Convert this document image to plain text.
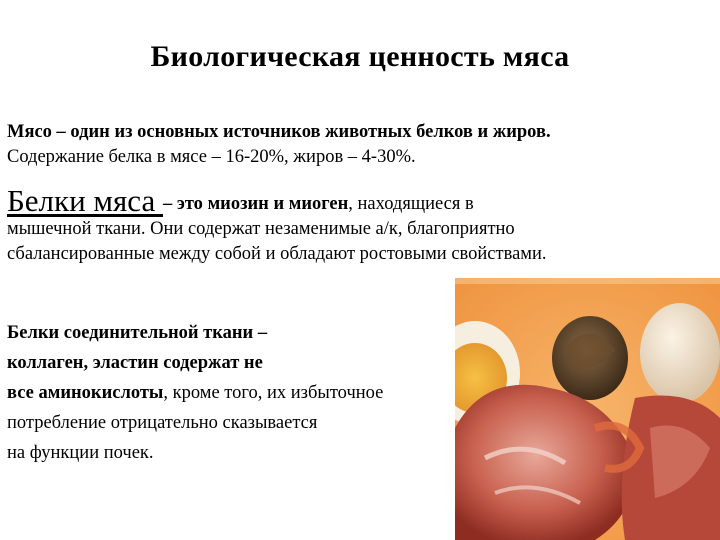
Биологическая ценность мяса
Мясо – один из основных источников животных белков и жиров.
Содержание белка в мясе – 16-20%, жиров – 4-30%.
Белки мяса – это миозин и миоген, находящиеся в
мышечной ткани. Они содержат незаменимые а/к, благоприятно
сбалансированные между собой и обладают ростовыми свойствами.
Белки соединительной ткани –
коллаген, эластин содержат не
все аминокислоты, кроме того, их избыточное
потребление отрицательно сказывается
на функции почек.
